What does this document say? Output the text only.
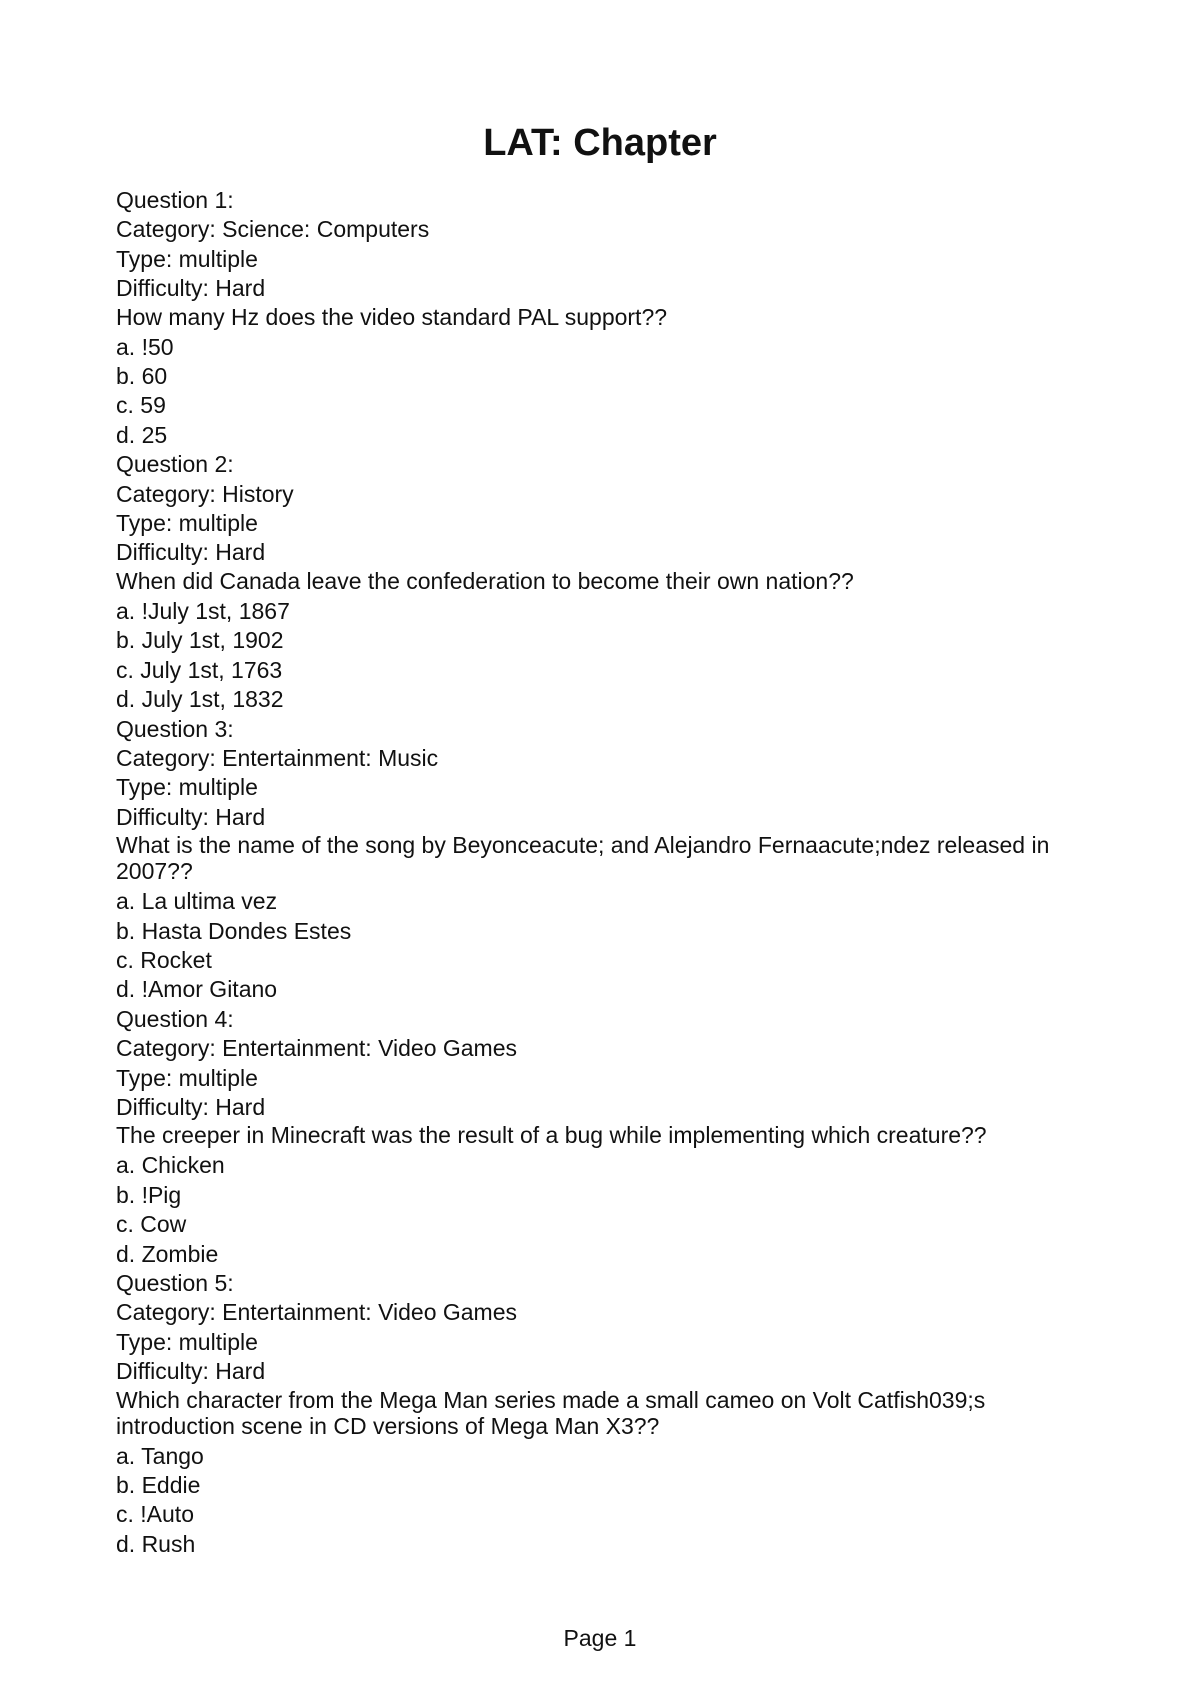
LAT: Chapter

Question 1:

Category: Science: Computers

Type: multiple

Difficulty: Hard

How many Hz does the video standard PAL support??

a. !50

b. 60

c. 59

d. 25

Question 2:

Category: History

Type: multiple

Difficulty: Hard

When did Canada leave the confederation to become their own nation??

a. !July 1st, 1867

b. July 1st, 1902

c. July 1st, 1763

d. July 1st, 1832

Question 3:

Category: Entertainment: Music

Type: multiple

Difficulty: Hard

What is the name of the song by Beyonceacute; and Alejandro Fernaacute;ndez released in 2007??

a. La ultima vez

b. Hasta Dondes Estes

c. Rocket

d. !Amor Gitano

Question 4:

Category: Entertainment: Video Games

Type: multiple

Difficulty: Hard

The creeper in Minecraft was the result of a bug while implementing which creature??

a. Chicken

b. !Pig

c. Cow

d. Zombie

Question 5:

Category: Entertainment: Video Games

Type: multiple

Difficulty: Hard

Which character from the Mega Man series made a small cameo on Volt Catfish039;s introduction scene in CD versions of Mega Man X3??

a. Tango

b. Eddie

c. !Auto

d. Rush

Page 1
